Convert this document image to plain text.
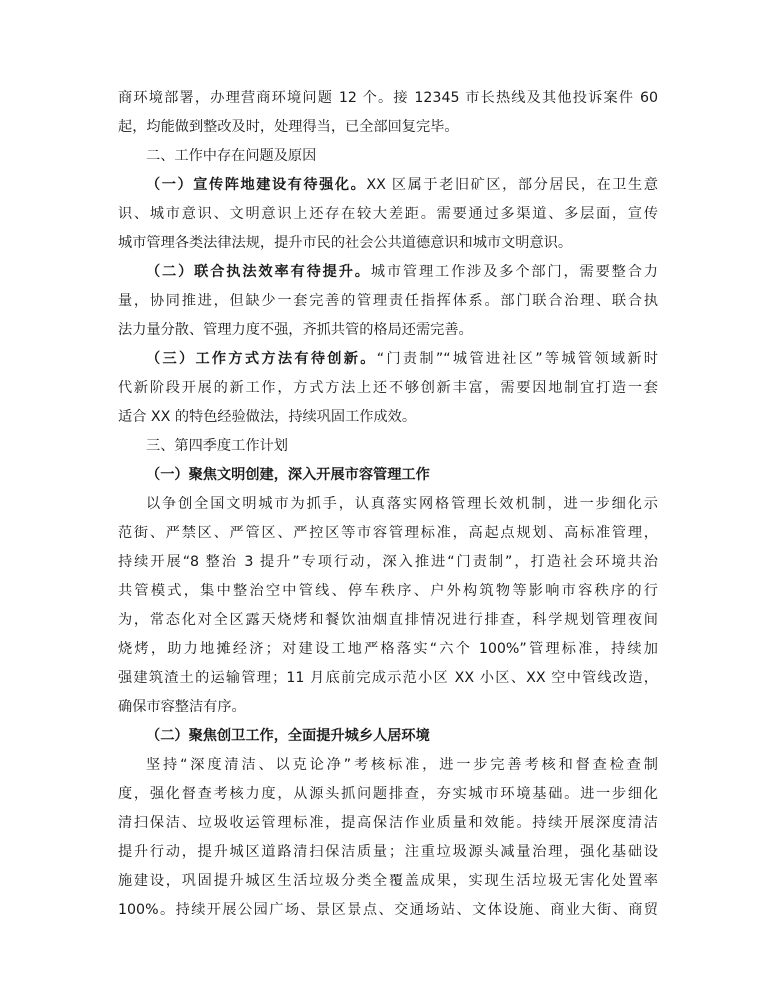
商环境部署，办理营商环境问题 12 个。接 12345 市长热线及其他投诉案件 60
起，均能做到整改及时，处理得当，已全部回复完毕。
二、工作中存在问题及原因
（一）宣传阵地建设有待强化。XX 区属于老旧矿区，部分居民，在卫生意
识、城市意识、文明意识上还存在较大差距。需要通过多渠道、多层面，宣传
城市管理各类法律法规，提升市民的社会公共道德意识和城市文明意识。
（二）联合执法效率有待提升。城市管理工作涉及多个部门，需要整合力
量，协同推进，但缺少一套完善的管理责任指挥体系。部门联合治理、联合执
法力量分散、管理力度不强，齐抓共管的格局还需完善。
（三）工作方式方法有待创新。“门责制”“城管进社区”等城管领域新时
代新阶段开展的新工作，方式方法上还不够创新丰富，需要因地制宜打造一套
适合 XX 的特色经验做法，持续巩固工作成效。
三、第四季度工作计划
（一）聚焦文明创建，深入开展市容管理工作
以争创全国文明城市为抓手，认真落实网格管理长效机制，进一步细化示
范街、严禁区、严管区、严控区等市容管理标准，高起点规划、高标准管理，
持续开展“8 整治 3 提升”专项行动，深入推进“门责制”，打造社会环境共治
共管模式，集中整治空中管线、停车秩序、户外构筑物等影响市容秩序的行
为，常态化对全区露天烧烤和餐饮油烟直排情况进行排查，科学规划管理夜间
烧烤，助力地摊经济；对建设工地严格落实“六个 100%”管理标准，持续加
强建筑渣土的运输管理；11 月底前完成示范小区 XX 小区、XX 空中管线改造，
确保市容整洁有序。
（二）聚焦创卫工作，全面提升城乡人居环境
坚持“深度清洁、以克论净”考核标准，进一步完善考核和督查检查制
度，强化督查考核力度，从源头抓问题排查，夯实城市环境基础。进一步细化
清扫保洁、垃圾收运管理标准，提高保洁作业质量和效能。持续开展深度清洁
提升行动，提升城区道路清扫保洁质量；注重垃圾源头减量治理，强化基础设
施建设，巩固提升城区生活垃圾分类全覆盖成果，实现生活垃圾无害化处置率
100%。持续开展公园广场、景区景点、交通场站、文体设施、商业大街、商贸
